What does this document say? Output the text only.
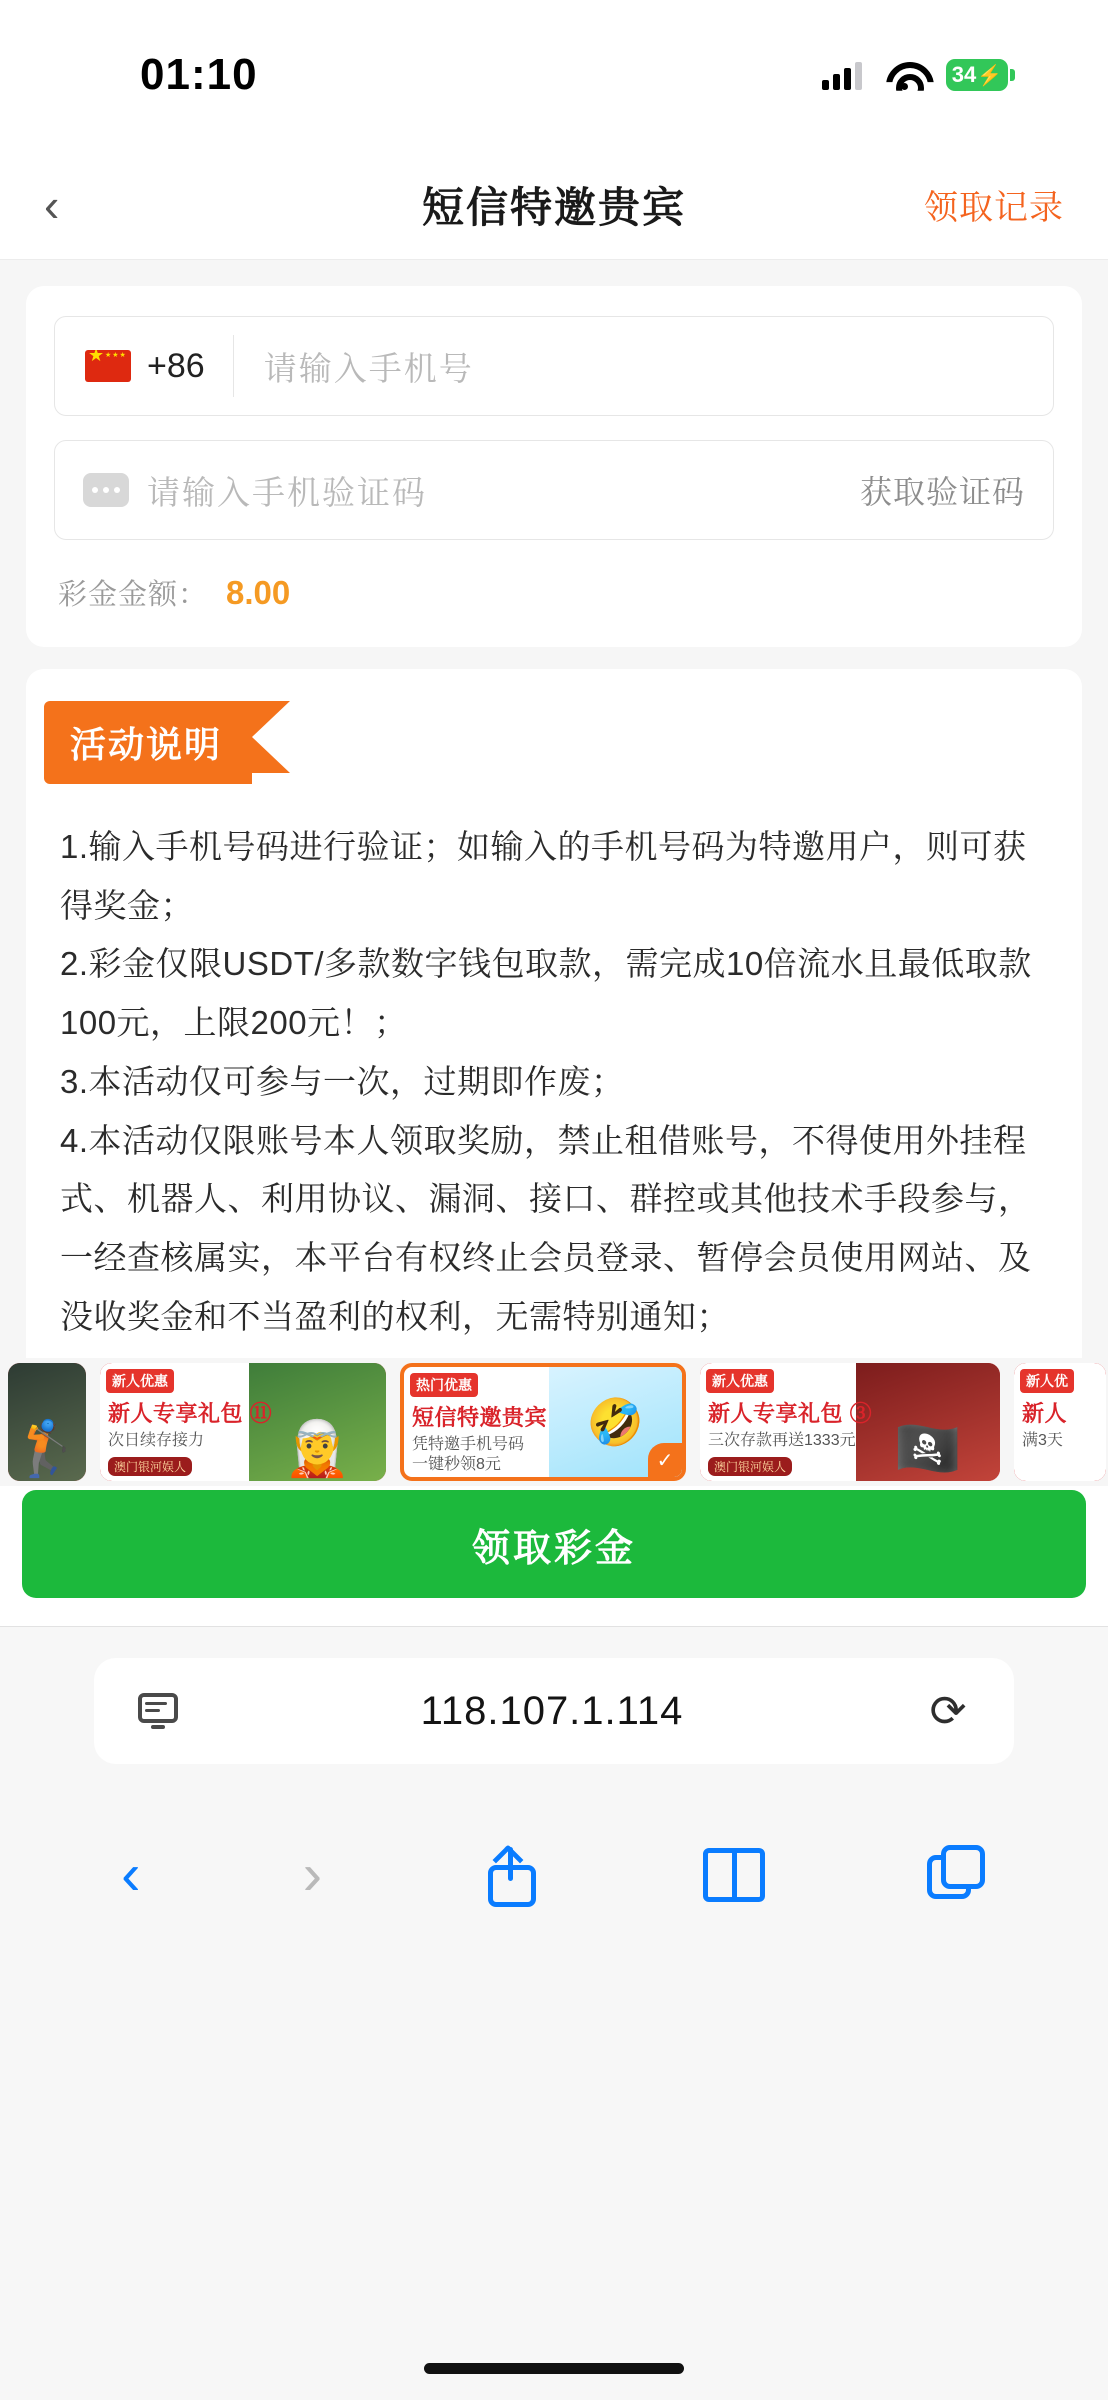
01:10	34 ⚡
‹	短信特邀贵宾	领取记录
★ ★★★
+86	请输入手机号
请输入手机验证码	获取验证码
彩金金额： 8.00
活动说明

1.输入手机号码进行验证；如输入的手机号码为特邀用户，则可获得奖金；

2.彩金仅限USDT/多款数字钱包取款，需完成10倍流水且最低取款100元，上限200元！；

3.本活动仅可参与一次，过期即作废；

4.本活动仅限账号本人领取奖励，禁止租借账号，不得使用外挂程式、机器人、利用协议、漏洞、接口、群控或其他技术手段参与，一经查核属实，本平台有权终止会员登录、暂停会员使用网站、及没收奖金和不当盈利的权利，无需特别通知；

🏌	🧝
新人优惠
新人专享礼包 ⑪
次日续存接力
澳门银河娱人
🤣
热门优惠
短信特邀贵宾
凭特邀手机号码
一键秒领8元	✓	🏴‍☠️
新人优惠
新人专享礼包 ③
三次存款再送1333元
澳门银河娱人
新人优
新人
满3天
领取彩金
118.107.1.114	⟳
‹	›
